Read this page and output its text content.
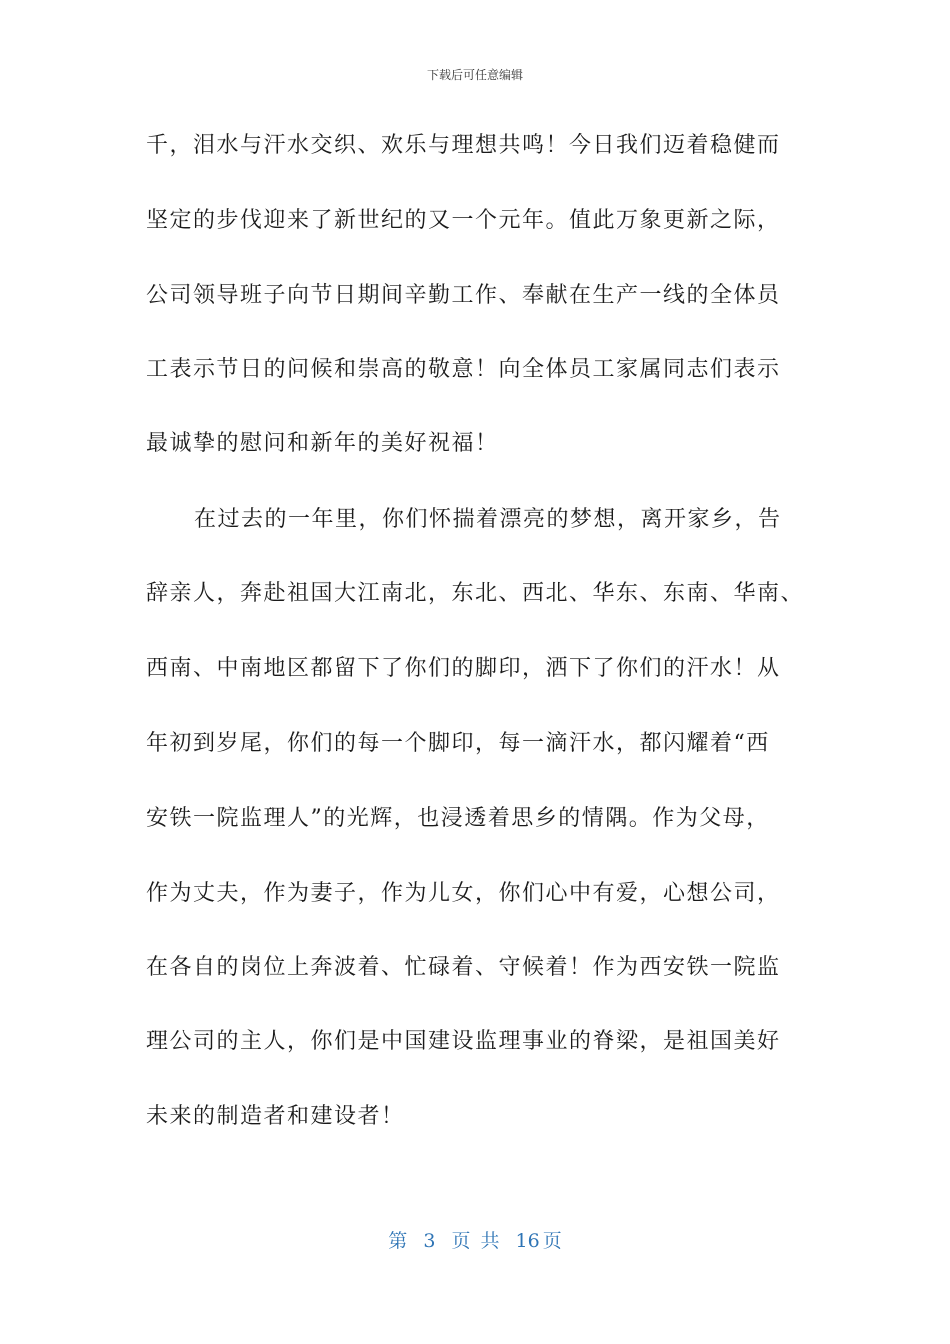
下载后可任意编辑
千，泪水与汗水交织、欢乐与理想共鸣！今日我们迈着稳健而
坚定的步伐迎来了新世纪的又一个元年。值此万象更新之际，
公司领导班子向节日期间辛勤工作、奉献在生产一线的全体员
工表示节日的问候和崇高的敬意！向全体员工家属同志们表示
最诚挚的慰问和新年的美好祝福！
在过去的一年里，你们怀揣着漂亮的梦想，离开家乡，告
辞亲人，奔赴祖国大江南北，东北、西北、华东、东南、华南、
西南、中南地区都留下了你们的脚印，洒下了你们的汗水！从
年初到岁尾，你们的每一个脚印，每一滴汗水，都闪耀着“西
安铁一院监理人”的光辉，也浸透着思乡的情隅。作为父母，
作为丈夫，作为妻子，作为儿女，你们心中有爱，心想公司，
在各自的岗位上奔波着、忙碌着、守候着！作为西安铁一院监
理公司的主人，你们是中国建设监理事业的脊梁，是祖国美好
未来的制造者和建设者！
第 3 页 共 16 页
